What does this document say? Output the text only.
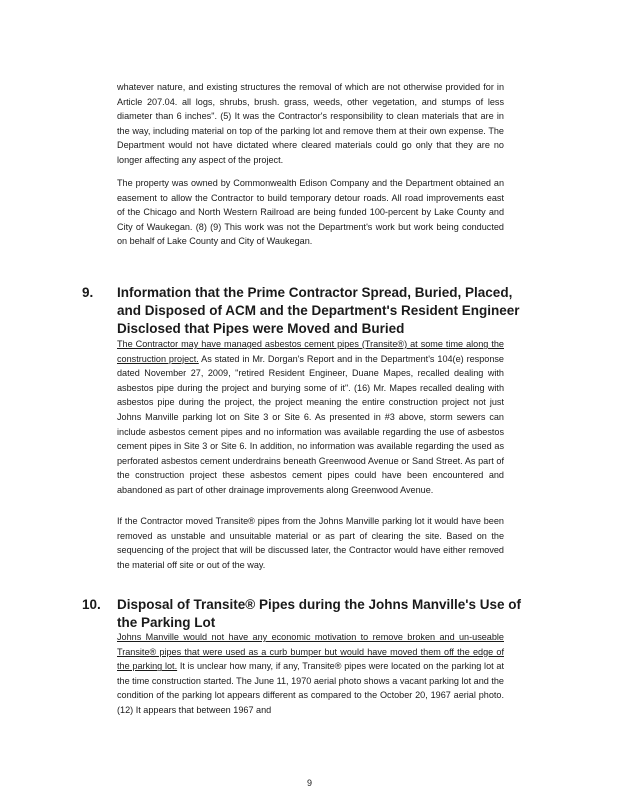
whatever nature, and existing structures the removal of which are not otherwise provided for in Article 207.04. all logs, shrubs, brush. grass, weeds, other vegetation, and stumps of less diameter than 6 inches". (5) It was the Contractor's responsibility to clean materials that are in the way, including material on top of the parking lot and remove them at their own expense. The Department would not have dictated where cleared materials could go only that they are no longer affecting any aspect of the project.

The property was owned by Commonwealth Edison Company and the Department obtained an easement to allow the Contractor to build temporary detour roads. All road improvements east of the Chicago and North Western Railroad are being funded 100-percent by Lake County and City of Waukegan. (8) (9) This work was not the Department's work but work being conducted on behalf of Lake County and City of Waukegan.

9. Information that the Prime Contractor Spread, Buried, Placed, and Disposed of ACM and the Department's Resident Engineer Disclosed that Pipes were Moved and Buried

The Contractor may have managed asbestos cement pipes (Transite®) at some time along the construction project. As stated in Mr. Dorgan's Report and in the Department's 104(e) response dated November 27, 2009, "retired Resident Engineer, Duane Mapes, recalled dealing with asbestos pipe during the project and burying some of it". (16) Mr. Mapes recalled dealing with asbestos pipe during the project, the project meaning the entire construction project not just Johns Manville parking lot on Site 3 or Site 6. As presented in #3 above, storm sewers can include asbestos cement pipes and no information was available regarding the use of asbestos cement pipes in Site 3 or Site 6. In addition, no information was available regarding the used as perforated asbestos cement underdrains beneath Greenwood Avenue or Sand Street. As part of the construction project these asbestos cement pipes could have been encountered and abandoned as part of other drainage improvements along Greenwood Avenue.

If the Contractor moved Transite® pipes from the Johns Manville parking lot it would have been removed as unstable and unsuitable material or as part of clearing the site. Based on the sequencing of the project that will be discussed later, the Contractor would have either removed the material off site or out of the way.

10. Disposal of Transite® Pipes during the Johns Manville's Use of the Parking Lot

Johns Manville would not have any economic motivation to remove broken and un-useable Transite® pipes that were used as a curb bumper but would have moved them off the edge of the parking lot. It is unclear how many, if any, Transite® pipes were located on the parking lot at the time construction started. The June 11, 1970 aerial photo shows a vacant parking lot and the condition of the parking lot appears different as compared to the October 20, 1967 aerial photo. (12) It appears that between 1967 and

9
